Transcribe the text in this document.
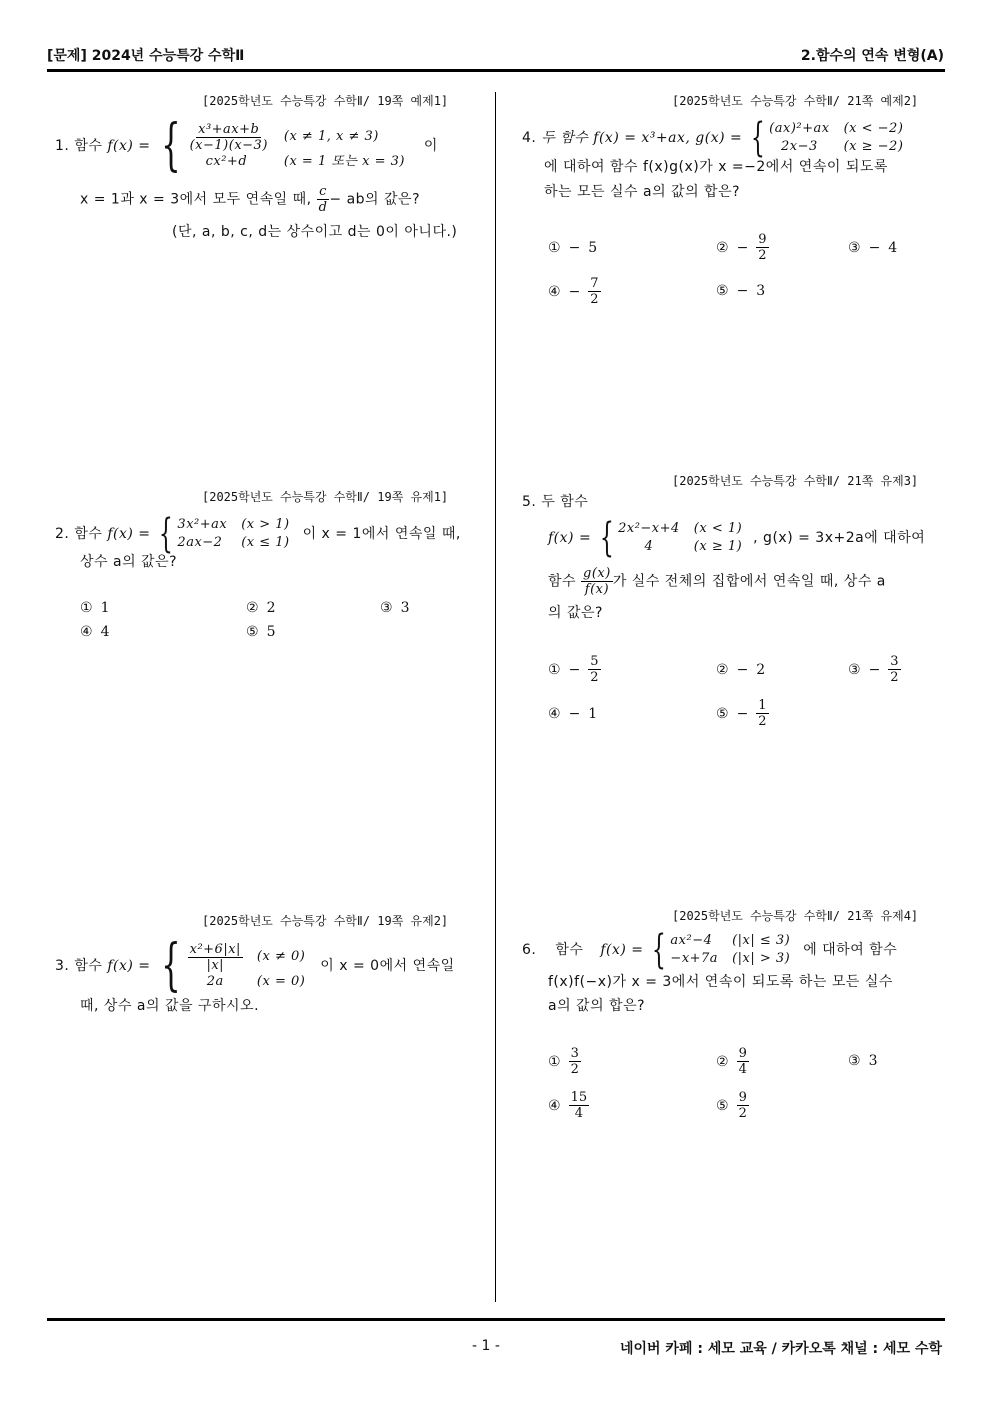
[문제] 2024년 수능특강 수학Ⅱ	2.함수의 연속 변형(A)
- 1 -	네이버 카페 : 세모 교육 / 카카오톡 채널 : 세모 수학
[2025학년도 수능특강 수학Ⅱ/ 19쪽 예제1]
1. 함수 f(x) = { $\frac{\text{x³+ax+b}}{(x-1)(x-3)} (x \ne 1$, x ≠ 3)
cx²+d	(x = 1 또는 x = 3)
이
x = 1과 x = 3에서 모두 연속일 때, $\frac{c}{d}$ − ab의 값은?
(단, a, b, c, d는 상수이고 d는 0이 아니다.)
[2025학년도 수능특강 수학Ⅱ/ 19쪽 유제1]
2. 함수 f(x) = { 3x²+ax (x > 1)
2ax−2	(x ≤ 1)
이 x = 1에서 연속일 때,
상수 a의 값은?
① 1	② 2	③ 3
④ 4	⑤ 5
[2025학년도 수능특강 수학Ⅱ/ 19쪽 유제2]
3. 함수 f(x) = { $\frac{\text{x²+6|x|}}{|x|} (x \ne 0)$
2a	(x = 0)
이 x = 0에서 연속일
때, 상수 a의 값을 구하시오.
[2025학년도 수능특강 수학Ⅱ/ 21쪽 예제2]
4. 두 함수 f(x) = x³+ax, g(x) = { (ax)²+ax (x < −2)
2x−3	(x ≥ −2)
에 대하여 함수 f(x)g(x)가 x =−2에서 연속이 되도록
하는 모든 실수 a의 값의 합은?
① − 5	② − $\frac{9}{2}$	③ − 4
④ − $\frac{7}{2}$	⑤ − 3
[2025학년도 수능특강 수학Ⅱ/ 21쪽 유제3]
5. 두 함수
f(x) = { 2x²−x+4 (x < 1)
4	(x ≥ 1)
, g(x) = 3x+2a에 대하여
함수 $\frac{g(x)}{f(x)}$ 가 실수 전체의 집합에서 연속일 때, 상수 a
의 값은?
① − $\frac{5}{2}$	② − 2	③ − $\frac{3}{2}$
④ − 1	⑤ − $\frac{1}{2}$
[2025학년도 수능특강 수학Ⅱ/ 21쪽 유제4]
6. 함수 f(x) = { ax²−4	(|x| ≤ 3)
−x+7a (|x| > 3)
에 대하여 함수
f(x)f(−x)가 x = 3에서 연속이 되도록 하는 모든 실수
a의 값의 합은?
① $\frac{3}{2}$	② $\frac{9}{4}$	③ 3
④ $\frac{15}{4}$	⑤ $\frac{9}{2}$
